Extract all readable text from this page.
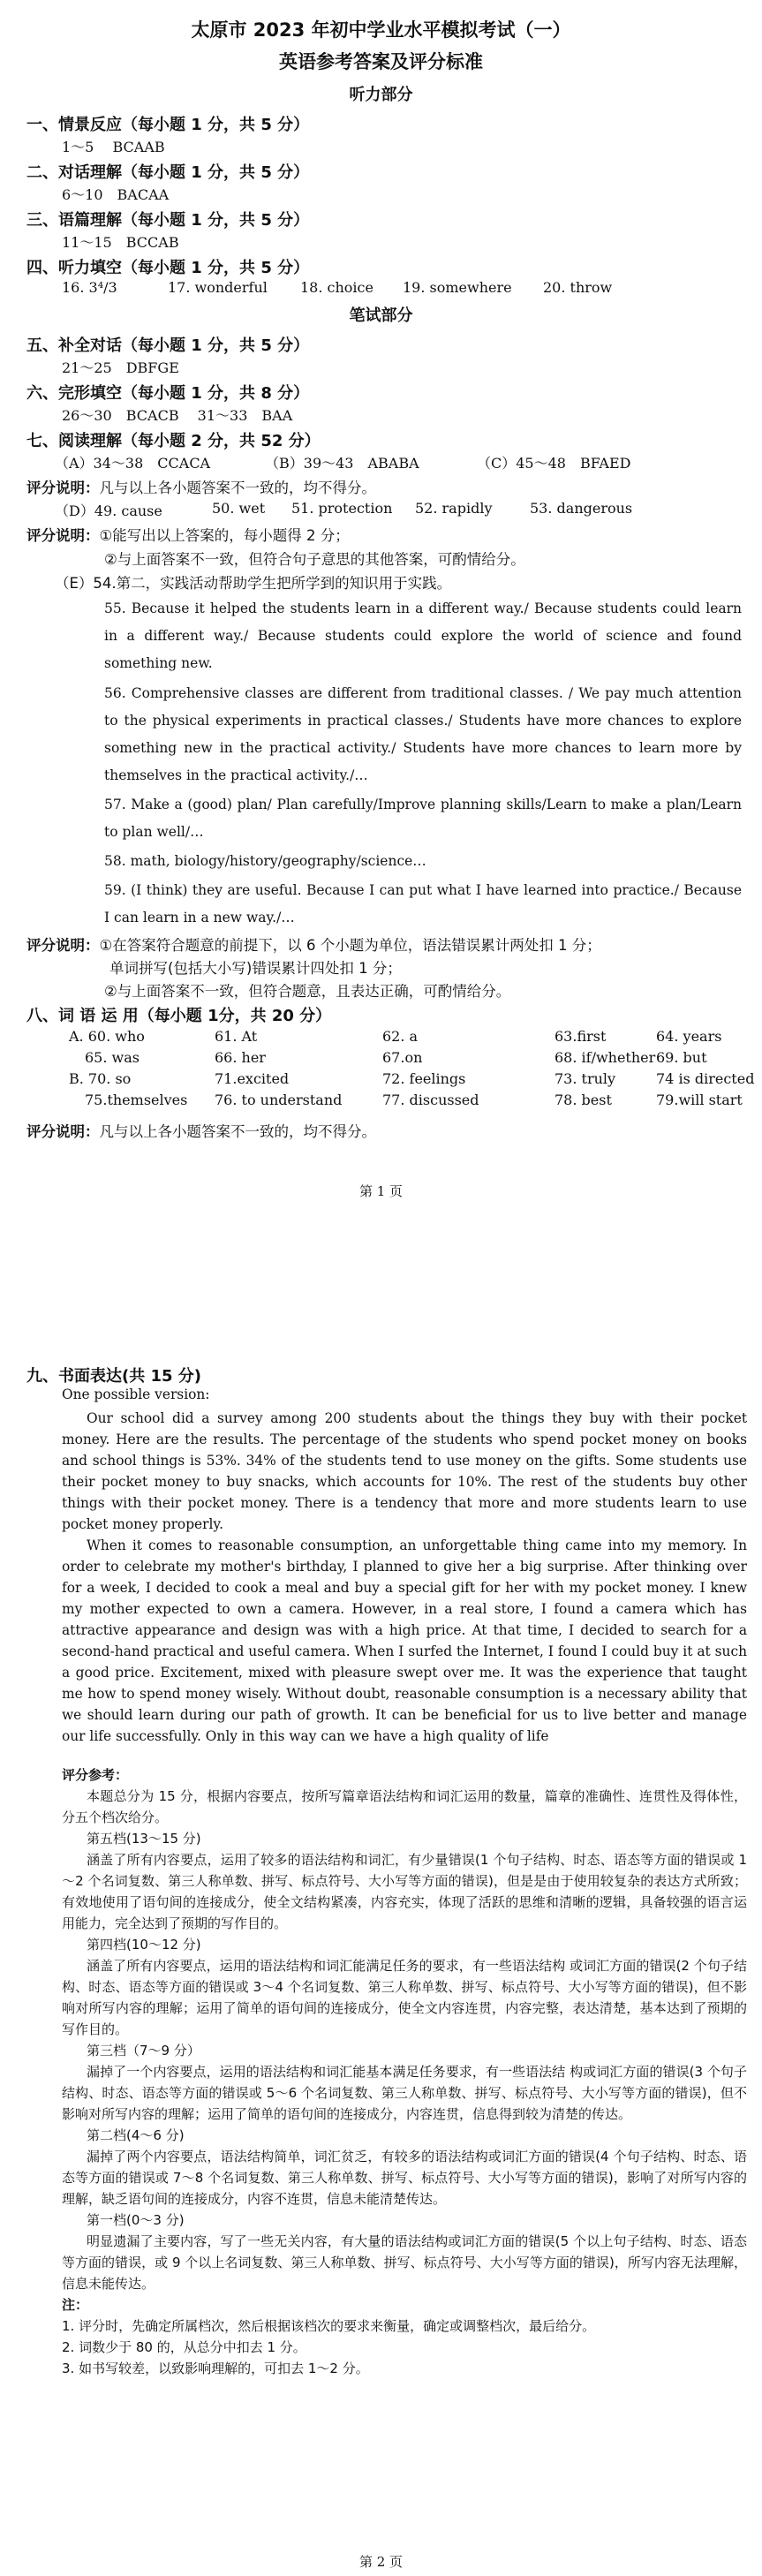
太原市 2023 年初中学业水平模拟考试（一）
英语参考答案及评分标准
听力部分
一、情景反应（每小题 1 分，共 5 分）
1～5　 BCAAB
二、对话理解（每小题 1 分，共 5 分）
6～10　BACAA
三、语篇理解（每小题 1 分，共 5 分）
11～15　BCCAB
四、听力填空（每小题 1 分，共 5 分）
16. 3⁴/3	17. wonderful 18. choice 19. somewhere 20. throw
笔试部分
五、补全对话（每小题 1 分，共 5 分）
21～25　DBFGE
六、完形填空（每小题 1 分，共 8 分）
26～30　BCACB　 31～33　BAA
七、阅读理解（每小题 2 分，共 52 分）
（A）34～38　CCACA	（B）39～43　ABABA	（C）45～48　BFAED
评分说明：凡与以上各小题答案不一致的，均不得分。
（D）49. cause	50. wet 51. protection 52. rapidly	53. dangerous
评分说明：①能写出以上答案的，每小题得 2 分；
②与上面答案不一致，但符合句子意思的其他答案，可酌情给分。
（E）54.第二，实践活动帮助学生把所学到的知识用于实践。
55. Because it helped the students learn in a different way./ Because students could learn in a different way./ Because students could explore the world of science and found something new.
56. Comprehensive classes are different from traditional classes. / We pay much attention to the physical experiments in practical classes./ Students have more chances to explore something new in the practical activity./ Students have more chances to learn more by themselves in the practical activity./…
57. Make a (good) plan/ Plan carefully/Improve planning skills/Learn to make a plan/Learn to plan well/…
58. math, biology/history/geography/science…
59. (I think) they are useful. Because I can put what I have learned into practice./ Because I can learn in a new way./…
评分说明：①在答案符合题意的前提下，以 6 个小题为单位，语法错误累计两处扣 1 分；
单词拼写(包括大小写)错误累计四处扣 1 分；
②与上面答案不一致，但符合题意，且表达正确，可酌情给分。
八、词 语 运 用（每小题 1分，共 20 分）
A. 60. who	61. At	62. a	63.first	64. years
65. was	66. her	67.on	68. if/whether 69. but
B. 70. so	71.excited	72. feelings	73. truly	74 is directed
75.themselves 76. to understand	77. discussed	78. best	79.will start
评分说明：凡与以上各小题答案不一致的，均不得分。
第 1 页
九、书面表达(共 15 分)
One possible version:

Our school did a survey among 200 students about the things they buy with their pocket money. Here are the results. The percentage of the students who spend pocket money on books and school things is 53%. 34% of the students tend to use money on the gifts. Some students use their pocket money to buy snacks, which accounts for 10%. The rest of the students buy other things with their pocket money. There is a tendency that more and more students learn to use pocket money properly.

When it comes to reasonable consumption, an unforgettable thing came into my memory. In order to celebrate my mother's birthday, I planned to give her a big surprise. After thinking over for a week, I decided to cook a meal and buy a special gift for her with my pocket money. I knew my mother expected to own a camera. However, in a real store, I found a camera which has attractive appearance and design was with a high price. At that time, I decided to search for a second-hand practical and useful camera. When I surfed the Internet, I found I could buy it at such a good price. Excitement, mixed with pleasure swept over me. It was the experience that taught me how to spend money wisely. Without doubt, reasonable consumption is a necessary ability that we should learn during our path of growth. It can be beneficial for us to live better and manage our life successfully. Only in this way can we have a high quality of life

评分参考：

本题总分为 15 分，根据内容要点，按所写篇章语法结构和词汇运用的数量，篇章的准确性、连贯性及得体性，分五个档次给分。

第五档(13～15 分)

涵盖了所有内容要点，运用了较多的语法结构和词汇，有少量错误(1 个句子结构、时态、语态等方面的错误或 1～2 个名词复数、第三人称单数、拼写、标点符号、大小写等方面的错误)，但是是由于使用较复杂的表达方式所致；有效地使用了语句间的连接成分，使全文结构紧凑，内容充实，体现了活跃的思维和清晰的逻辑，具备较强的语言运用能力，完全达到了预期的写作目的。

第四档(10～12 分)

涵盖了所有内容要点，运用的语法结构和词汇能满足任务的要求，有一些语法结构 或词汇方面的错误(2 个句子结构、时态、语态等方面的错误或 3～4 个名词复数、第三人称单数、拼写、标点符号、大小写等方面的错误)，但不影响对所写内容的理解；运用了简单的语句间的连接成分，使全文内容连贯，内容完整，表达清楚，基本达到了预期的写作目的。

第三档（7～9 分）

漏掉了一个内容要点，运用的语法结构和词汇能基本满足任务要求，有一些语法结 构或词汇方面的错误(3 个句子结构、时态、语态等方面的错误或 5～6 个名词复数、第三人称单数、拼写、标点符号、大小写等方面的错误)，但不影响对所写内容的理解；运用了简单的语句间的连接成分，内容连贯，信息得到较为清楚的传达。

第二档(4～6 分)

漏掉了两个内容要点，语法结构简单，词汇贫乏，有较多的语法结构或词汇方面的错误(4 个句子结构、时态、语态等方面的错误或 7～8 个名词复数、第三人称单数、拼写、标点符号、大小写等方面的错误)，影响了对所写内容的理解，缺乏语句间的连接成分，内容不连贯，信息未能清楚传达。

第一档(0～3 分)

明显遗漏了主要内容，写了一些无关内容，有大量的语法结构或词汇方面的错误(5 个以上句子结构、时态、语态等方面的错误，或 9 个以上名词复数、第三人称单数、拼写、标点符号、大小写等方面的错误)，所写内容无法理解，信息未能传达。

注：

1. 评分时，先确定所属档次，然后根据该档次的要求来衡量，确定或调整档次，最后给分。

2. 词数少于 80 的，从总分中扣去 1 分。

3. 如书写较差，以致影响理解的，可扣去 1～2 分。

第 2 页
